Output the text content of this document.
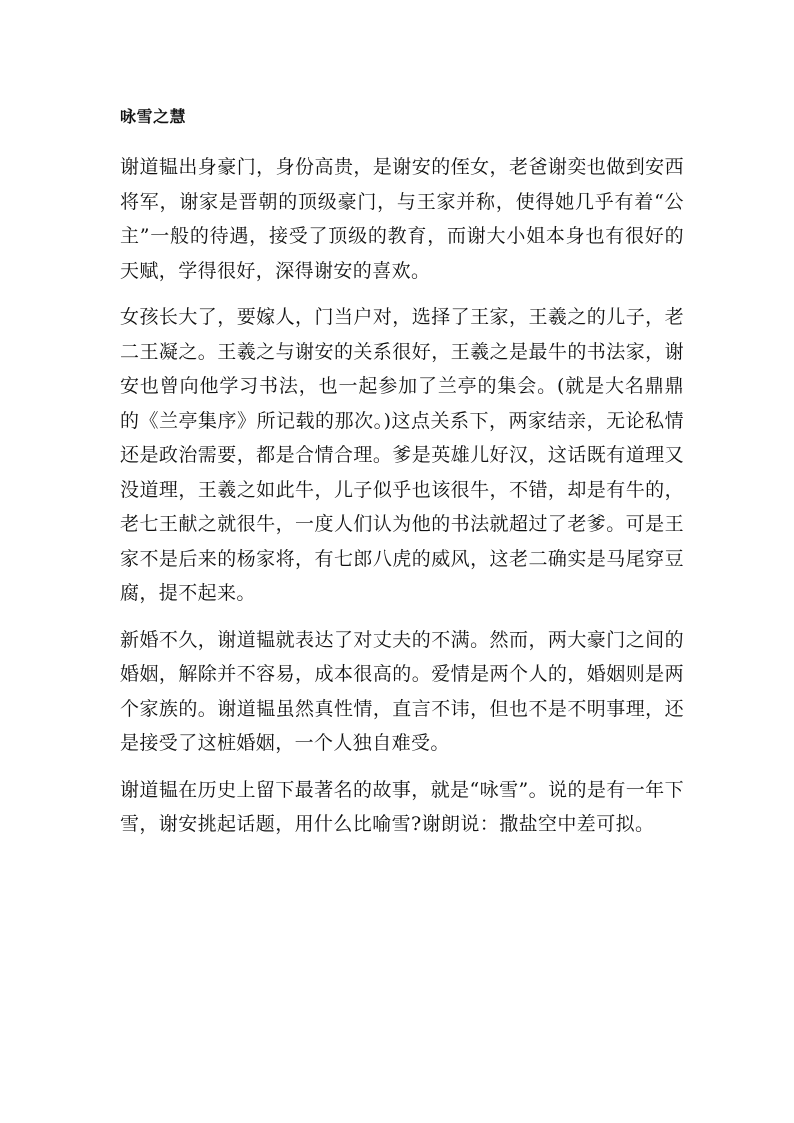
咏雪之慧

谢道韫出身豪门，身份高贵，是谢安的侄女，老爸谢奕也做到安西将军，谢家是晋朝的顶级豪门，与王家并称，使得她几乎有着“公主”一般的待遇，接受了顶级的教育，而谢大小姐本身也有很好的天赋，学得很好，深得谢安的喜欢。

女孩长大了，要嫁人，门当户对，选择了王家，王羲之的儿子，老二王凝之。王羲之与谢安的关系很好，王羲之是最牛的书法家，谢安也曾向他学习书法，也一起参加了兰亭的集会。(就是大名鼎鼎的《兰亭集序》所记载的那次。)这点关系下，两家结亲，无论私情还是政治需要，都是合情合理。爹是英雄儿好汉，这话既有道理又没道理，王羲之如此牛，儿子似乎也该很牛，不错，却是有牛的，老七王献之就很牛，一度人们认为他的书法就超过了老爹。可是王家不是后来的杨家将，有七郎八虎的威风，这老二确实是马尾穿豆腐，提不起来。

新婚不久，谢道韫就表达了对丈夫的不满。然而，两大豪门之间的婚姻，解除并不容易，成本很高的。爱情是两个人的，婚姻则是两个家族的。谢道韫虽然真性情，直言不讳，但也不是不明事理，还是接受了这桩婚姻，一个人独自难受。

谢道韫在历史上留下最著名的故事，就是“咏雪”。说的是有一年下雪，谢安挑起话题，用什么比喻雪?谢朗说：撒盐空中差可拟。
